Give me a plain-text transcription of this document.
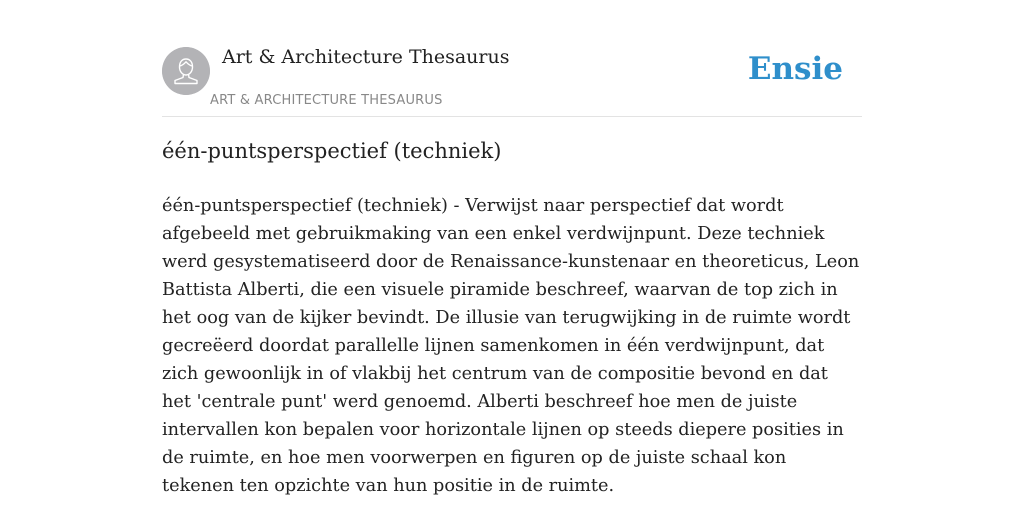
Art & Architecture Thesaurus
ART & ARCHITECTURE THESAURUS
Ensie
één-puntsperspectief (techniek)

één-puntsperspectief (techniek) - Verwijst naar perspectief dat wordt afgebeeld met gebruikmaking van een enkel verdwijnpunt. Deze techniek werd gesystematiseerd door de Renaissance-kunstenaar en theoreticus, Leon Battista Alberti, die een visuele piramide beschreef, waarvan de top zich in het oog van de kijker bevindt. De illusie van terugwijking in de ruimte wordt gecreëerd doordat parallelle lijnen samenkomen in één verdwijnpunt, dat zich gewoonlijk in of vlakbij het centrum van de compositie bevond en dat het 'centrale punt' werd genoemd. Alberti beschreef hoe men de juiste intervallen kon bepalen voor horizontale lijnen op steeds diepere posities in de ruimte, en hoe men voorwerpen en figuren op de juiste schaal kon tekenen ten opzichte van hun positie in de ruimte.
